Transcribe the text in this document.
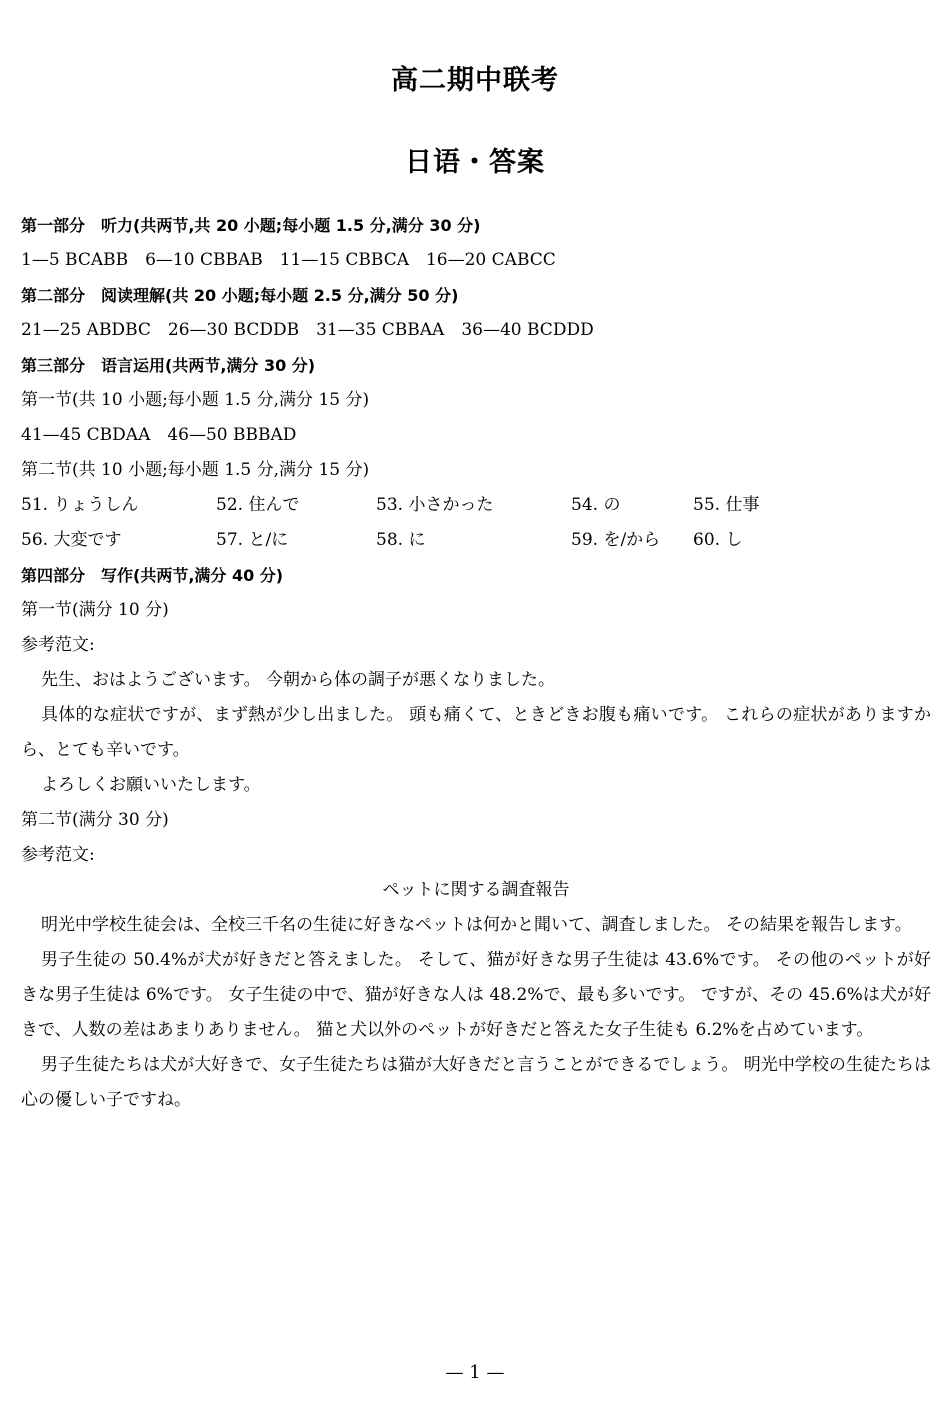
高二期中联考
日语・答案
第一部分　听力(共两节,共 20 小题;每小题 1.5 分,满分 30 分)
1—5 BCABB　6—10 CBBAB　11—15 CBBCA　16—20 CABCC
第二部分　阅读理解(共 20 小题;每小题 2.5 分,满分 50 分)
21—25 ABDBC　26—30 BCDDB　31—35 CBBAA　36—40 BCDDD
第三部分　语言运用(共两节,满分 30 分)
第一节(共 10 小题;每小题 1.5 分,满分 15 分)
41—45 CBDAA　46—50 BBBAD
第二节(共 10 小题;每小题 1.5 分,满分 15 分)
51. りょうしん	52. 住んで	53. 小さかった	54. の	55. 仕事
56. 大変です	57. と/に	58. に	59. を/から 60. し
第四部分　写作(共两节,满分 40 分)
第一节(满分 10 分)
参考范文:

先生、おはようございます。 今朝から体の調子が悪くなりました。

具体的な症状ですが、まず熱が少し出ました。 頭も痛くて、ときどきお腹も痛いです。 これらの症状がありますから、とても辛いです。

よろしくお願いいたします。

第二节(满分 30 分)
参考范文:

ペットに関する調査報告

明光中学校生徒会は、全校三千名の生徒に好きなペットは何かと聞いて、調査しました。 その結果を報告します。

男子生徒の 50.4%が犬が好きだと答えました。 そして、猫が好きな男子生徒は 43.6%です。 その他のペットが好きな男子生徒は 6%です。 女子生徒の中で、猫が好きな人は 48.2%で、最も多いです。 ですが、その 45.6%は犬が好きで、人数の差はあまりありません。 猫と犬以外のペットが好きだと答えた女子生徒も 6.2%を占めています。

男子生徒たちは犬が大好きで、女子生徒たちは猫が大好きだと言うことができるでしょう。 明光中学校の生徒たちは心の優しい子ですね。

— 1 —
